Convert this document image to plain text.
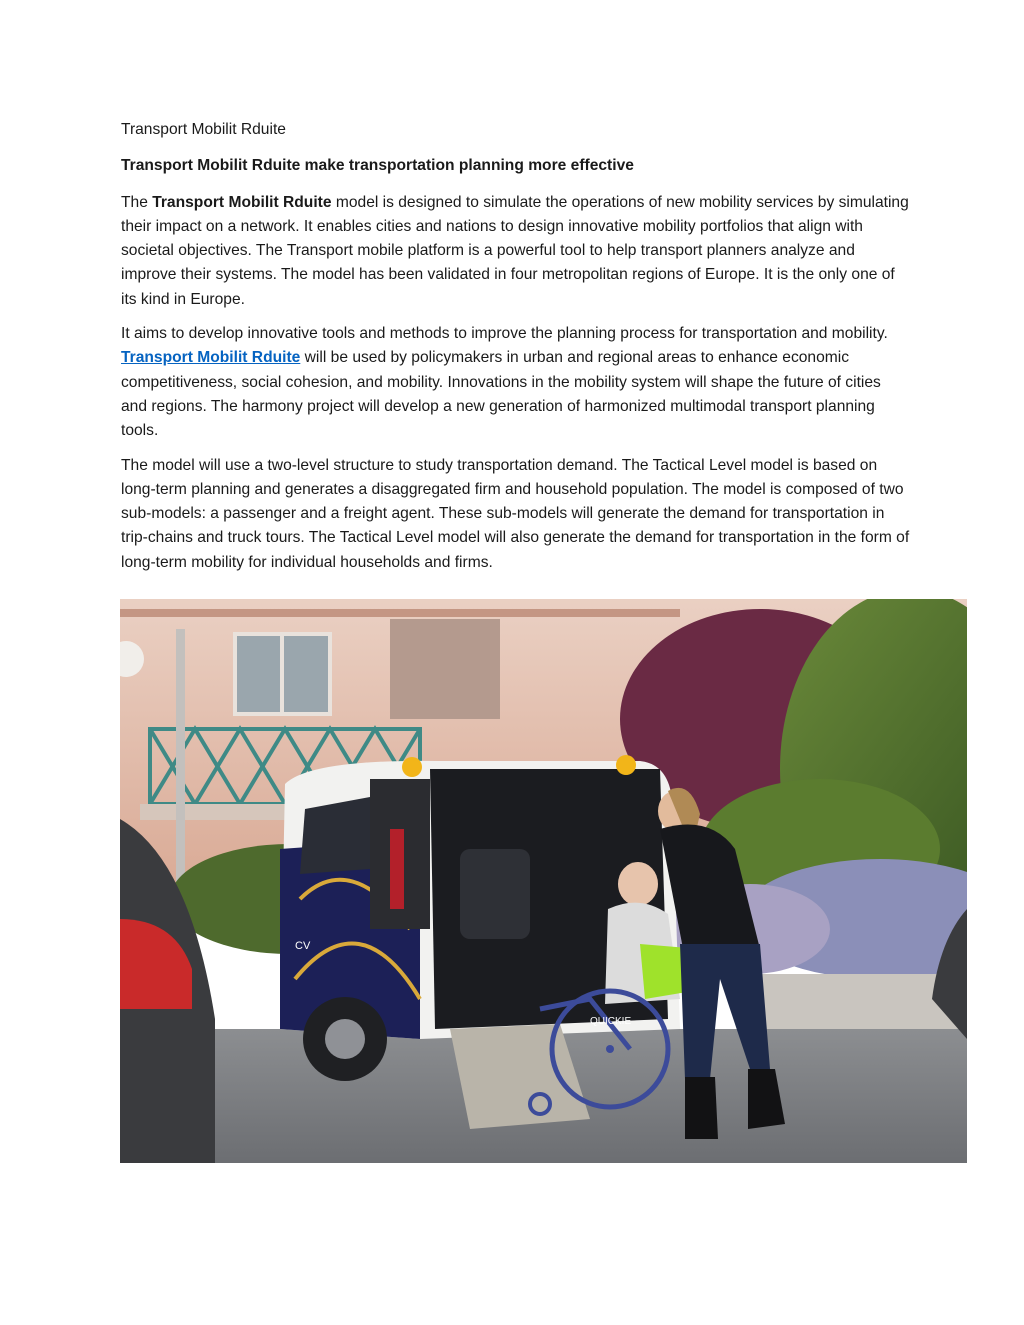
Transport Mobilit Rduite
Transport Mobilit Rduite make transportation planning more effective

The Transport Mobilit Rduite model is designed to simulate the operations of new mobility services by simulating their impact on a network. It enables cities and nations to design innovative mobility portfolios that align with societal objectives. The Transport mobile platform is a powerful tool to help transport planners analyze and improve their systems. The model has been validated in four metropolitan regions of Europe. It is the only one of its kind in Europe.

It aims to develop innovative tools and methods to improve the planning process for transportation and mobility. Transport Mobilit Rduite will be used by policymakers in urban and regional areas to enhance economic competitiveness, social cohesion, and mobility. Innovations in the mobility system will shape the future of cities and regions. The harmony project will develop a new generation of harmonized multimodal transport planning tools.

The model will use a two-level structure to study transportation demand. The Tactical Level model is based on long-term planning and generates a disaggregated firm and household population. The model is composed of two sub-models: a passenger and a freight agent. These sub-models will generate the demand for transportation in trip-chains and truck tours. The Tactical Level model will also generate the demand for transportation in the form of long-term mobility for individual households and firms.

CV
QUICKIE
